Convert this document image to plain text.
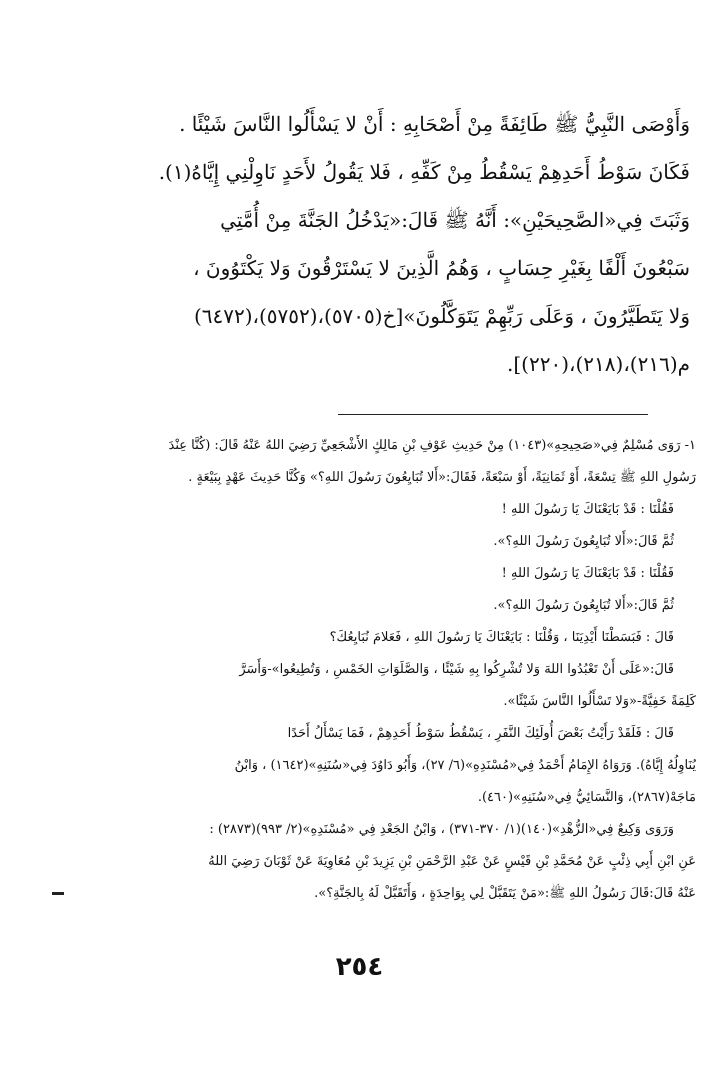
وَأَوْصَى النَّبِيُّ ﷺ طَائِفَةً مِنْ أَصْحَابِهِ : أَنْ لا يَسْأَلُوا النَّاسَ شَيْئًا .
فَكَانَ سَوْطُ أَحَدِهِمْ يَسْقُطُ مِنْ كَفِّهِ ، فَلا يَقُولُ لأَحَدٍ نَاوِلْنِي إِيَّاهُ(١).
وَثَبَتَ فِي«الصَّحِيحَيْنِ»: أَنَّهُ ﷺ قَالَ:«يَدْخُلُ الجَنَّةَ مِنْ أُمَّتِي
سَبْعُونَ أَلْفًا بِغَيْرِ حِسَابٍ ، وَهُمُ الَّذِينَ لا يَسْتَرْقُونَ وَلا يَكْتَوُونَ ،
وَلا يَتَطَيَّرُونَ ، وَعَلَى رَبِّهِمْ يَتَوَكَّلُونَ»[خ(٥٧٠٥)،(٥٧٥٢)،(٦٤٧٢)
م(٢١٦)،(٢١٨)،(٢٢٠)].
١- رَوَى مُسْلِمٌ فِي«صَحِيحِهِ»(١٠٤٣) مِنْ حَدِيثِ عَوْفِ بْنِ مَالِكٍ الأَشْجَعِيِّ رَضِيَ اللهُ عَنْهُ قَالَ: (كُنَّا عِنْدَ
رَسُولِ اللهِ ﷺ تِسْعَةً، أَوْ ثَمَانِيَةً، أَوْ سَبْعَةً، فَقَالَ:«أَلا تُبَايِعُونَ رَسُولَ اللهِ؟» وَكُنَّا حَدِيثَ عَهْدٍ بِبَيْعَةٍ .
فَقُلْنَا : قَدْ بَايَعْنَاكَ يَا رَسُولَ اللهِ !
ثُمَّ قَالَ:«أَلا تُبَايِعُونَ رَسُولَ اللهِ؟».
فَقُلْنَا : قَدْ بَايَعْنَاكَ يَا رَسُولَ اللهِ !
ثُمَّ قَالَ:«أَلا تُبَايِعُونَ رَسُولَ اللهِ؟».
قَالَ : فَبَسَطْنَا أَيْدِيَنَا ، وَقُلْنَا : بَايَعْنَاكَ يَا رَسُولَ اللهِ ، فَعَلامَ نُبَايِعُكَ؟
قَالَ:«عَلَى أَنْ تَعْبُدُوا اللهَ وَلا تُشْرِكُوا بِهِ شَيْئًا ، وَالصَّلَوَاتِ الخَمْسِ ، وَتُطِيعُوا»-وَأَسَرَّ
كَلِمَةً خَفِيَّةً-«وَلا تَسْأَلُوا النَّاسَ شَيْئًا».
قَالَ : فَلَقَدْ رَأَيْتُ بَعْضَ أُولَئِكَ النَّفَرِ ، يَسْقُطُ سَوْطُ أَحَدِهِمْ ، فَمَا يَسْأَلُ أَحَدًا
يُنَاوِلُهُ إِيَّاهُ). وَرَوَاهُ الإِمَامُ أَحْمَدُ فِي«مُسْنَدِهِ»(٦/ ٢٧)، وَأَبُو دَاوُدَ فِي«سُنَنِهِ»(١٦٤٢) ، وَابْنُ
مَاجَهْ(٢٨٦٧)، وَالنَّسَائِيُّ فِي«سُنَنِهِ»(٤٦٠).
وَرَوَى وَكِيعٌ فِي«الزُّهْدِ»(١٤٠)(١/ ٣٧٠-٣٧١) ، وَابْنُ الجَعْدِ فِي «مُسْنَدِهِ»(٢/ ٩٩٣)(٢٨٧٣) :
عَنِ ابْنِ أَبِي ذِئْبٍ عَنْ مُحَمَّدِ بْنِ قَيْسٍ عَنْ عَبْدِ الرَّحْمَنِ بْنِ يَزِيدَ بْنِ مُعَاوِيَةَ عَنْ ثَوْبَانَ رَضِيَ اللهُ
عَنْهُ قَالَ:قَالَ رَسُولُ اللهِ ﷺ:«مَنْ يَتَقَبَّلْ لِي بِوَاحِدَةٍ ، وَأَتَقَبَّلْ لَهُ بِالجَنَّةِ؟».
٢٥٤
